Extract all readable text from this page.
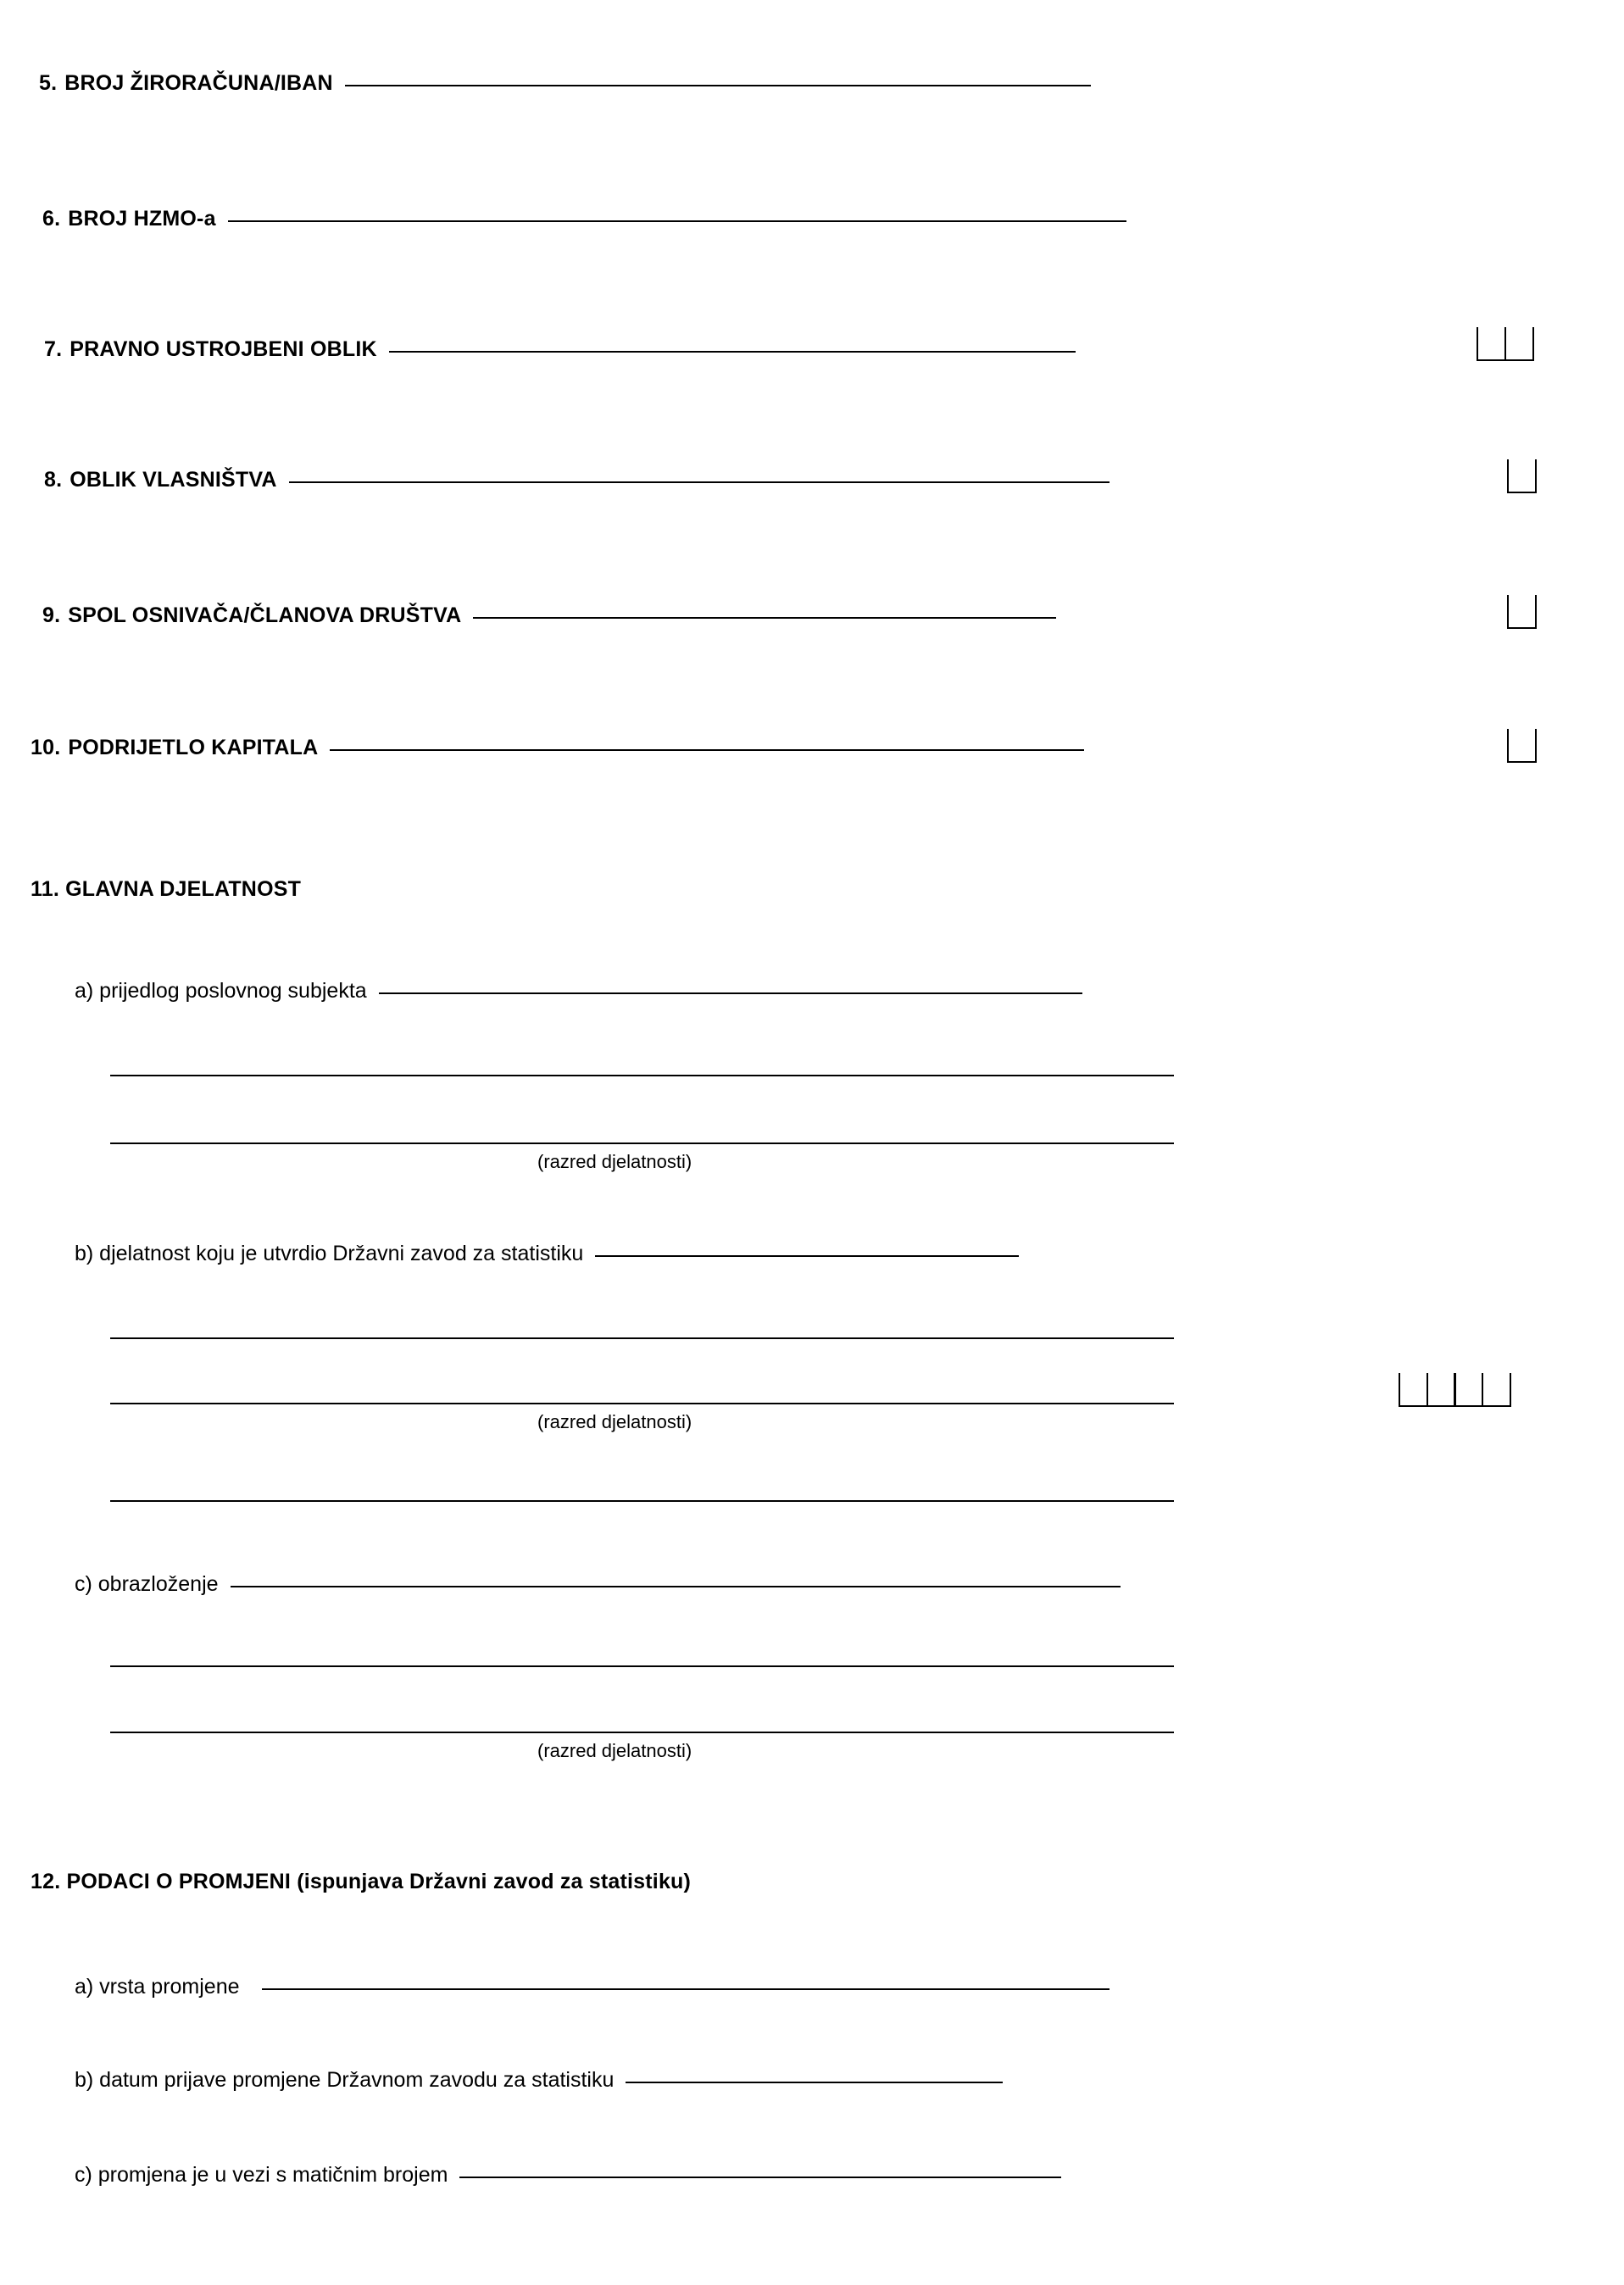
5. BROJ ŽIRORAČUNA/IBAN
6. BROJ HZMO-a
7. PRAVNO USTROJBENI OBLIK
8. OBLIK VLASNIŠTVA
9. SPOL OSNIVAČA/ČLANOVA DRUŠTVA
10. PODRIJETLO KAPITALA
11. GLAVNA DJELATNOST
a) prijedlog poslovnog subjekta
(razred djelatnosti)
b) djelatnost koju je utvrdio Državni zavod za statistiku
(razred djelatnosti)
c) obrazloženje
(razred djelatnosti)
12. PODACI O PROMJENI (ispunjava Državni zavod za statistiku)
a) vrsta promjene
b) datum prijave promjene Državnom zavodu za statistiku
c) promjena je u vezi s matičnim brojem
